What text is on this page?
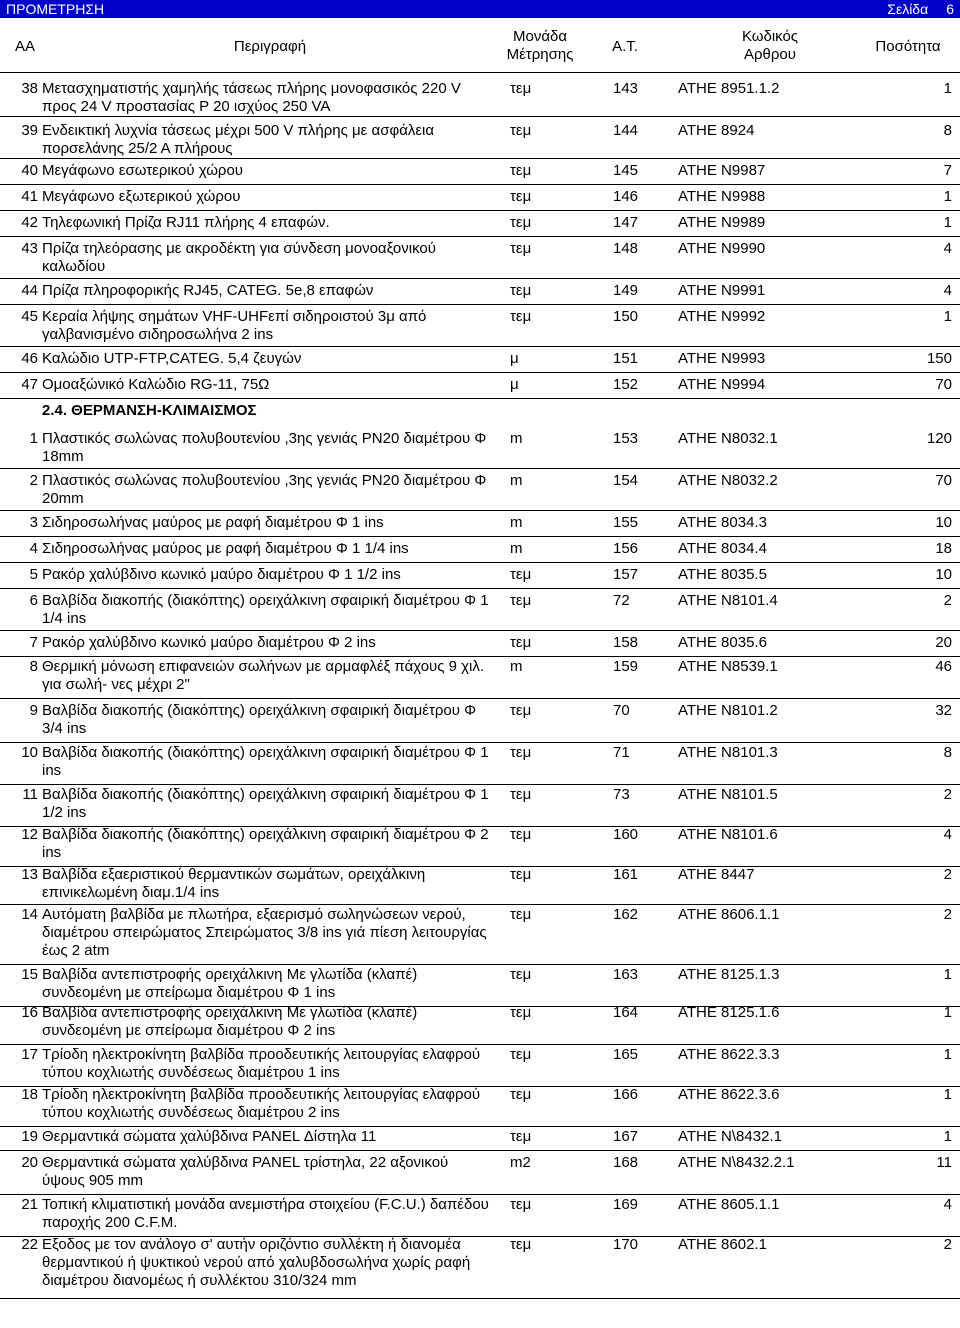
ΠΡΟΜΕΤΡΗΣΗ	Σελίδα 6
ΑΑ	Περιγραφή
Μονάδα
Μέτρησης	Α.Τ.
Κωδικός
Αρθρου	Ποσότητα
38 Μετασχηματιστής χαμηλής τάσεως πλήρης μονοφασικός 220 V προς 24 V προστασίας P 20 ισχύος 250 VA
τεμ	143	ΑΤΗΕ 8951.1.2	1
39 Ενδεικτική λυχνία τάσεως μέχρι 500 V πλήρης με ασφάλεια πορσελάνης 25/2 Α πλήρους
τεμ	144	ΑΤΗΕ 8924	8
40 Μεγάφωνο εσωτερικού χώρου	τεμ	145	ΑΤΗΕ Ν9987	7
41 Μεγάφωνο εξωτερικού χώρου	τεμ	146	ΑΤΗΕ Ν9988	1
42 Τηλεφωνική Πρίζα RJ11 πλήρης 4 επαφών.	τεμ	147	ΑΤΗΕ Ν9989	1
43 Πρίζα τηλεόρασης με ακροδέκτη για σύνδεση μονοαξονικού καλωδίου
τεμ	148	ΑΤΗΕ Ν9990	4
44 Πρίζα πληροφορικής RJ45, CATEG. 5e,8 επαφών	τεμ	149	ΑΤΗΕ Ν9991	4
45 Κεραία λήψης σημάτων VHF-UHFεπί σιδηροιστού 3μ από γαλβανισμένο σιδηροσωλήνα 2 ins
τεμ	150	ΑΤΗΕ Ν9992	1
46 Καλώδιο UTP-FTP,CATEG. 5,4 ζευγών	μ	151	ΑΤΗΕ Ν9993	150
47 Ομοαξώνικό Καλώδιο RG-11, 75Ω	μ	152	ΑΤΗΕ Ν9994	70
2.4. ΘΕΡΜΑΝΣΗ-ΚΛΙΜΑΙΣΜΟΣ
1 Πλαστικός σωλώνας πολυβουτενίου ,3ης γενιάς PN20 διαμέτρου Φ 18mm
m	153	ΑΤΗΕ Ν8032.1	120
2 Πλαστικός σωλώνας πολυβουτενίου ,3ης γενιάς PN20 διαμέτρου Φ 20mm
m	154	ΑΤΗΕ Ν8032.2	70
3 Σιδηροσωλήνας μαύρος με ραφή διαμέτρου Φ 1 ins	m	155	ΑΤΗΕ 8034.3	10
4 Σιδηροσωλήνας μαύρος με ραφή διαμέτρου Φ 1 1/4 ins	m	156	ΑΤΗΕ 8034.4	18
5 Ρακόρ χαλύβδινο κωνικό μαύρο διαμέτρου Φ 1 1/2 ins	τεμ	157	ΑΤΗΕ 8035.5	10
6 Βαλβίδα διακοπής (διακόπτης) ορειχάλκινη σφαιρική διαμέτρου Φ 1 1/4 ins
τεμ	72	ΑΤΗΕ Ν8101.4	2
7 Ρακόρ χαλύβδινο κωνικό μαύρο διαμέτρου Φ 2 ins	τεμ	158	ΑΤΗΕ 8035.6	20
8 Θερμική μόνωση επιφανειών σωλήνων με αρμαφλέξ πάχους 9 χιλ. για σωλή- νες μέχρι 2"
m	159	ΑΤΗΕ Ν8539.1	46
9 Βαλβίδα διακοπής (διακόπτης) ορειχάλκινη σφαιρική διαμέτρου Φ 3/4 ins
τεμ	70	ΑΤΗΕ Ν8101.2	32
10 Βαλβίδα διακοπής (διακόπτης) ορειχάλκινη σφαιρική διαμέτρου Φ 1 ins
τεμ	71	ΑΤΗΕ Ν8101.3	8
11 Βαλβίδα διακοπής (διακόπτης) ορειχάλκινη σφαιρική διαμέτρου Φ 1 1/2 ins
τεμ	73	ΑΤΗΕ Ν8101.5	2
12 Βαλβίδα διακοπής (διακόπτης) ορειχάλκινη σφαιρική διαμέτρου Φ 2 ins
τεμ	160	ΑΤΗΕ Ν8101.6	4
13 Βαλβίδα εξαεριστικού θερμαντικών σωμάτων, ορειχάλκινη επινικελωμένη διαμ.1/4 ins
τεμ	161	ΑΤΗΕ 8447	2
14 Αυτόματη βαλβίδα με πλωτήρα, εξαερισμό σωληνώσεων νερού, διαμέτρου σπειρώματος Σπειρώματος 3/8 ins γιά πίεση λειτουργίας έως 2 atm
τεμ	162	ΑΤΗΕ 8606.1.1	2
15 Βαλβίδα αντεπιστροφής ορειχάλκινη Με γλωτίδα (κλαπέ) συνδεομένη με σπείρωμα διαμέτρου Φ 1 ins
τεμ	163	ΑΤΗΕ 8125.1.3	1
16 Βαλβίδα αντεπιστροφής ορειχάλκινη Με γλωτίδα (κλαπέ) συνδεομένη με σπείρωμα διαμέτρου Φ 2 ins
τεμ	164	ΑΤΗΕ 8125.1.6	1
17 Τρίοδη ηλεκτροκίνητη βαλβίδα προοδευτικής λειτουργίας ελαφρού τύπου κοχλιωτής συνδέσεως διαμέτρου 1 ins
τεμ	165	ΑΤΗΕ 8622.3.3	1
18 Τρίοδη ηλεκτροκίνητη βαλβίδα προοδευτικής λειτουργίας ελαφρού τύπου κοχλιωτής συνδέσεως διαμέτρου 2 ins
τεμ	166	ΑΤΗΕ 8622.3.6	1
19 Θερμαντικά σώματα χαλύβδινα PANEL Δίστηλα 11	τεμ	167	ΑΤΗΕ Ν\8432.1	1
20 Θερμαντικά σώματα χαλύβδινα PANEL τρίστηλα, 22 αξονικού ύψους 905 mm
m2	168	ΑΤΗΕ Ν\8432.2.1	11
21 Τοπική κλιματιστική μονάδα ανεμιστήρα στοιχείου (F.C.U.) δαπέδου παροχής 200 C.F.M.
τεμ	169	ΑΤΗΕ 8605.1.1	4
22 Εξοδος με τον ανάλογο σ' αυτήν οριζόντιο συλλέκτη ή διανομέα θερμαντικού ή ψυκτικού νερού από χαλυβδοσωλήνα χωρίς ραφή διαμέτρου διανομέως ή συλλέκτου 310/324 mm
τεμ	170	ΑΤΗΕ 8602.1	2
